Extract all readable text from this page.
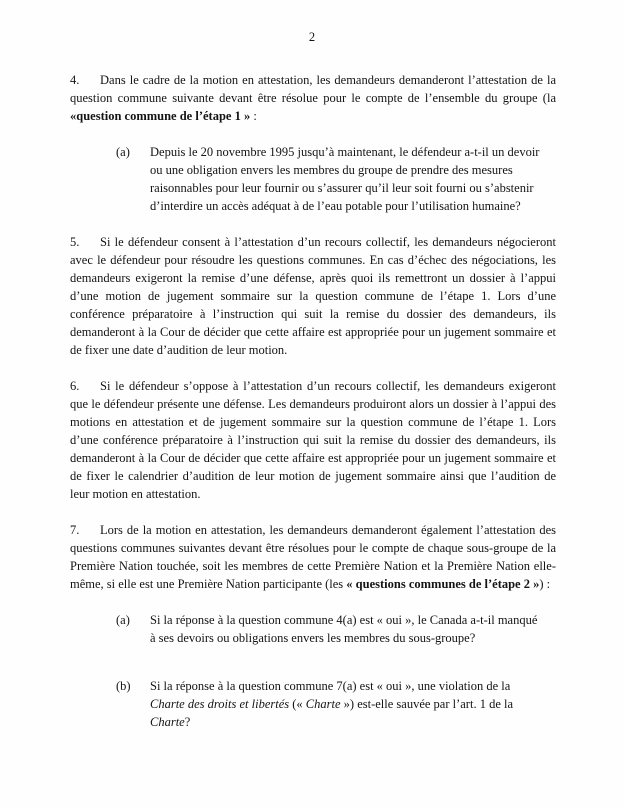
2

4. Dans le cadre de la motion en attestation, les demandeurs demanderont l’attestation de la question commune suivante devant être résolue pour le compte de l’ensemble du groupe (la «question commune de l’étape 1 » :

(a)	Depuis le 20 novembre 1995 jusqu’à maintenant, le défendeur a-t-il un devoir ou une obligation envers les membres du groupe de prendre des mesures raisonnables pour leur fournir ou s’assurer qu’il leur soit fourni ou s’abstenir d’interdire un accès adéquat à de l’eau potable pour l’utilisation humaine?

5. Si le défendeur consent à l’attestation d’un recours collectif, les demandeurs négocieront avec le défendeur pour résoudre les questions communes. En cas d’échec des négociations, les demandeurs exigeront la remise d’une défense, après quoi ils remettront un dossier à l’appui d’une motion de jugement sommaire sur la question commune de l’étape 1. Lors d’une conférence préparatoire à l’instruction qui suit la remise du dossier des demandeurs, ils demanderont à la Cour de décider que cette affaire est appropriée pour un jugement sommaire et de fixer une date d’audition de leur motion.

6. Si le défendeur s’oppose à l’attestation d’un recours collectif, les demandeurs exigeront que le défendeur présente une défense. Les demandeurs produiront alors un dossier à l’appui des motions en attestation et de jugement sommaire sur la question commune de l’étape 1. Lors d’une conférence préparatoire à l’instruction qui suit la remise du dossier des demandeurs, ils demanderont à la Cour de décider que cette affaire est appropriée pour un jugement sommaire et de fixer le calendrier d’audition de leur motion de jugement sommaire ainsi que l’audition de leur motion en attestation.

7. Lors de la motion en attestation, les demandeurs demanderont également l’attestation des questions communes suivantes devant être résolues pour le compte de chaque sous-groupe de la Première Nation touchée, soit les membres de cette Première Nation et la Première Nation elle-même, si elle est une Première Nation participante (les « questions communes de l’étape 2 ») :

(a)	Si la réponse à la question commune 4(a) est « oui », le Canada a-t-il manqué à ses devoirs ou obligations envers les membres du sous-groupe?
(b)	Si la réponse à la question commune 7(a) est « oui », une violation de la Charte des droits et libertés (« Charte ») est-elle sauvée par l’art. 1 de la Charte?
